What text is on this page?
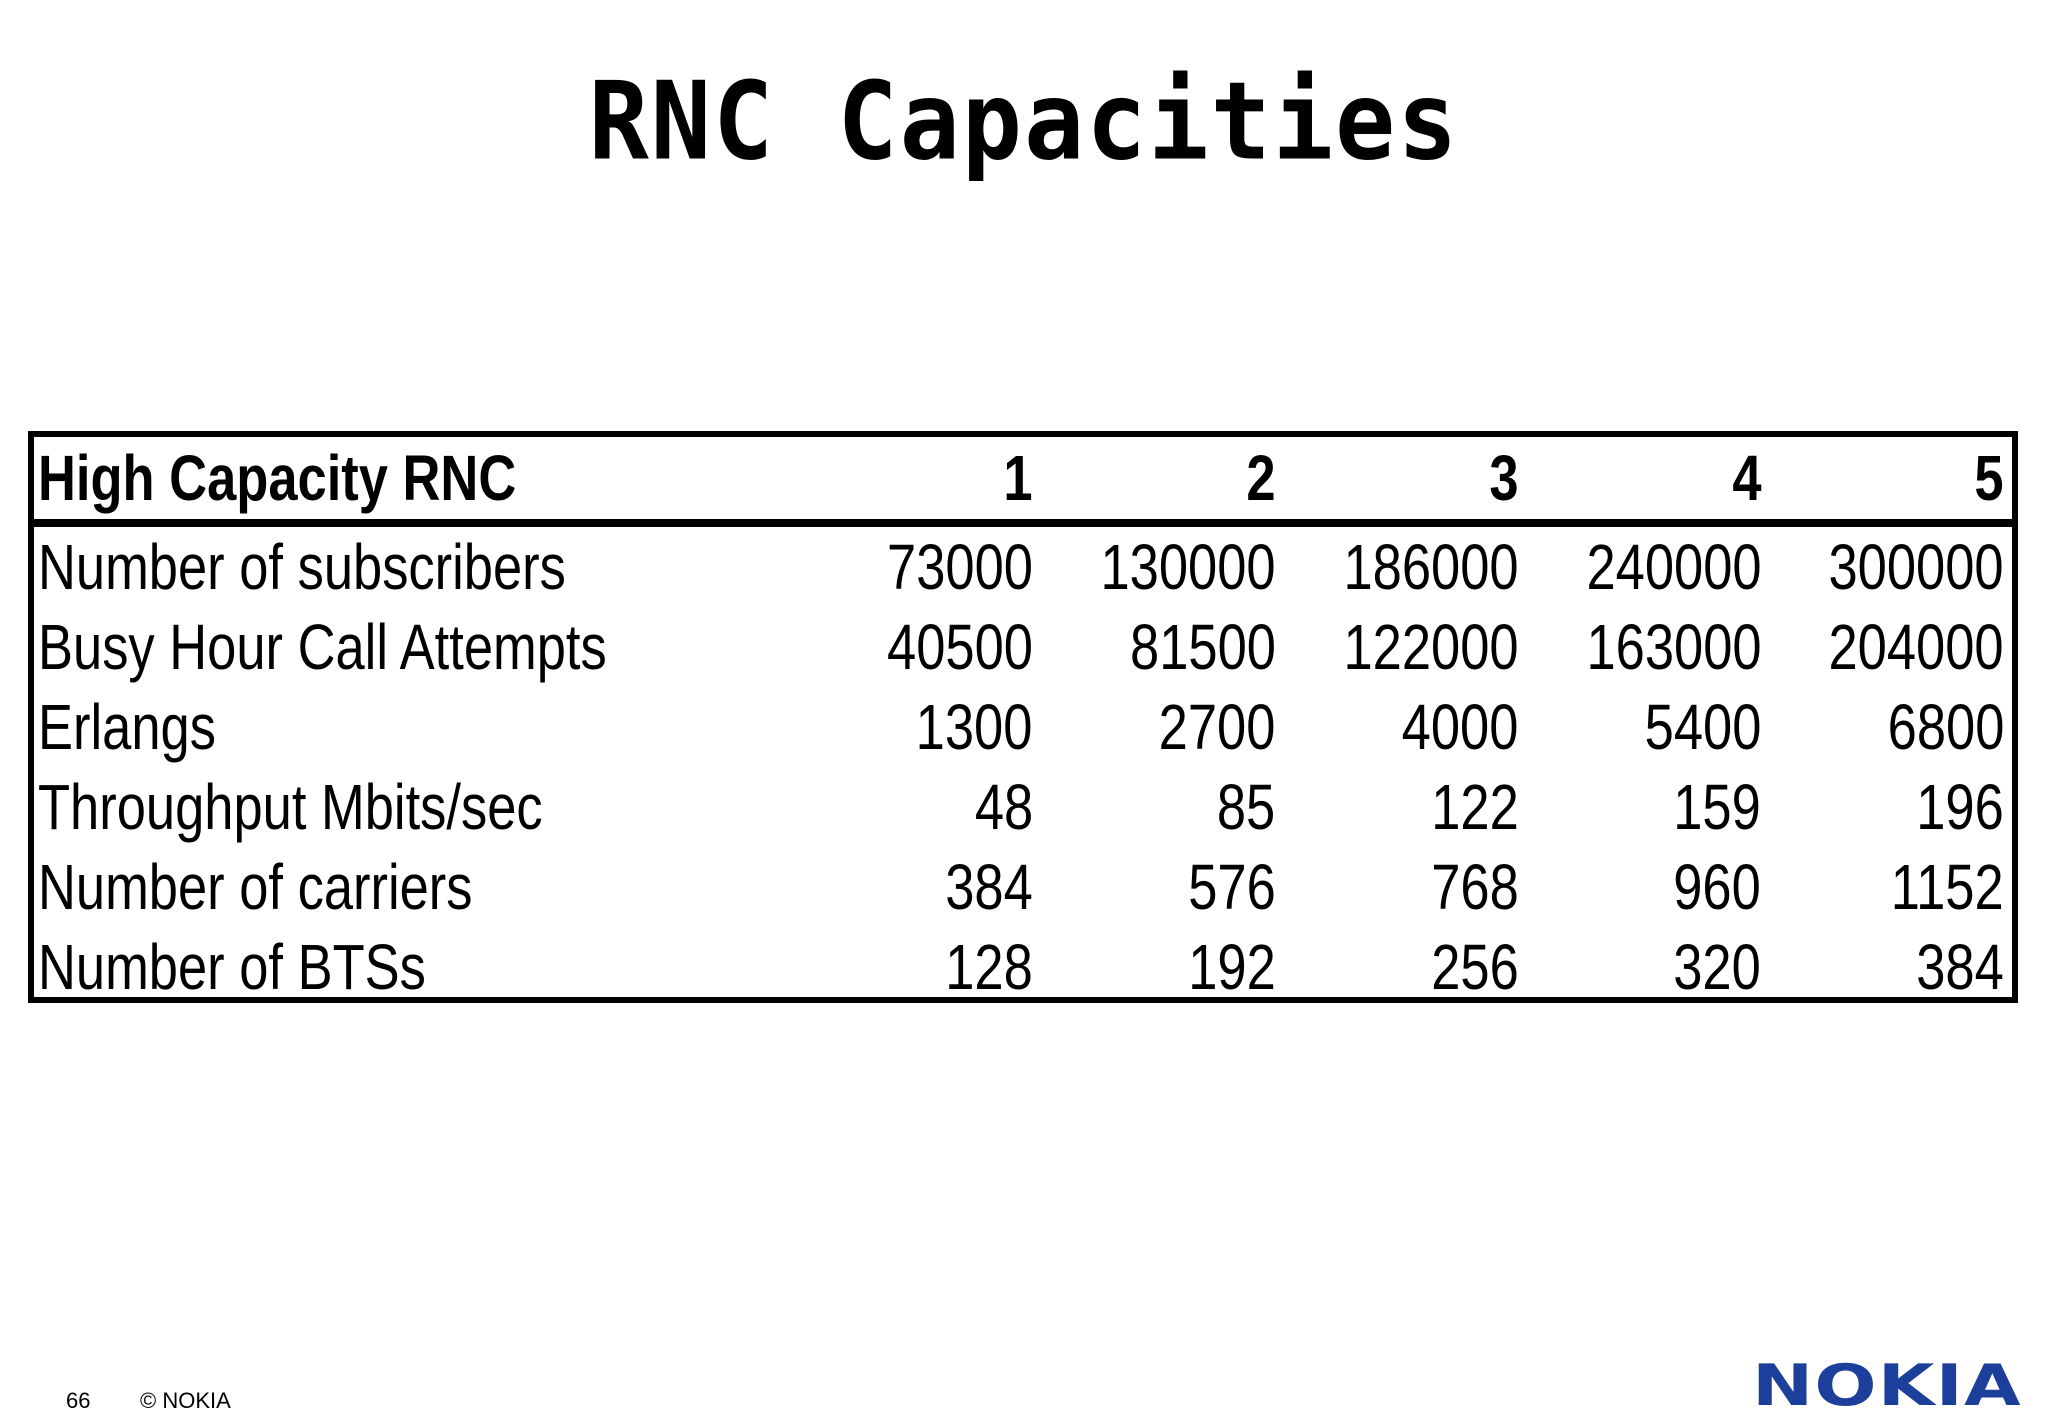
RNC Capacities
High Capacity RNC	1	2	3	4	5
Number of subscribers	73000	130000	186000	240000	300000
Busy Hour Call Attempts	40500	81500	122000	163000	204000
Erlangs	1300	2700	4000	5400	6800
Throughput Mbits/sec	48	85	122	159	196
Number of carriers	384	576	768	960	1152
Number of BTSs	128	192	256	320	384
66 © NOKIA	NOKIA
